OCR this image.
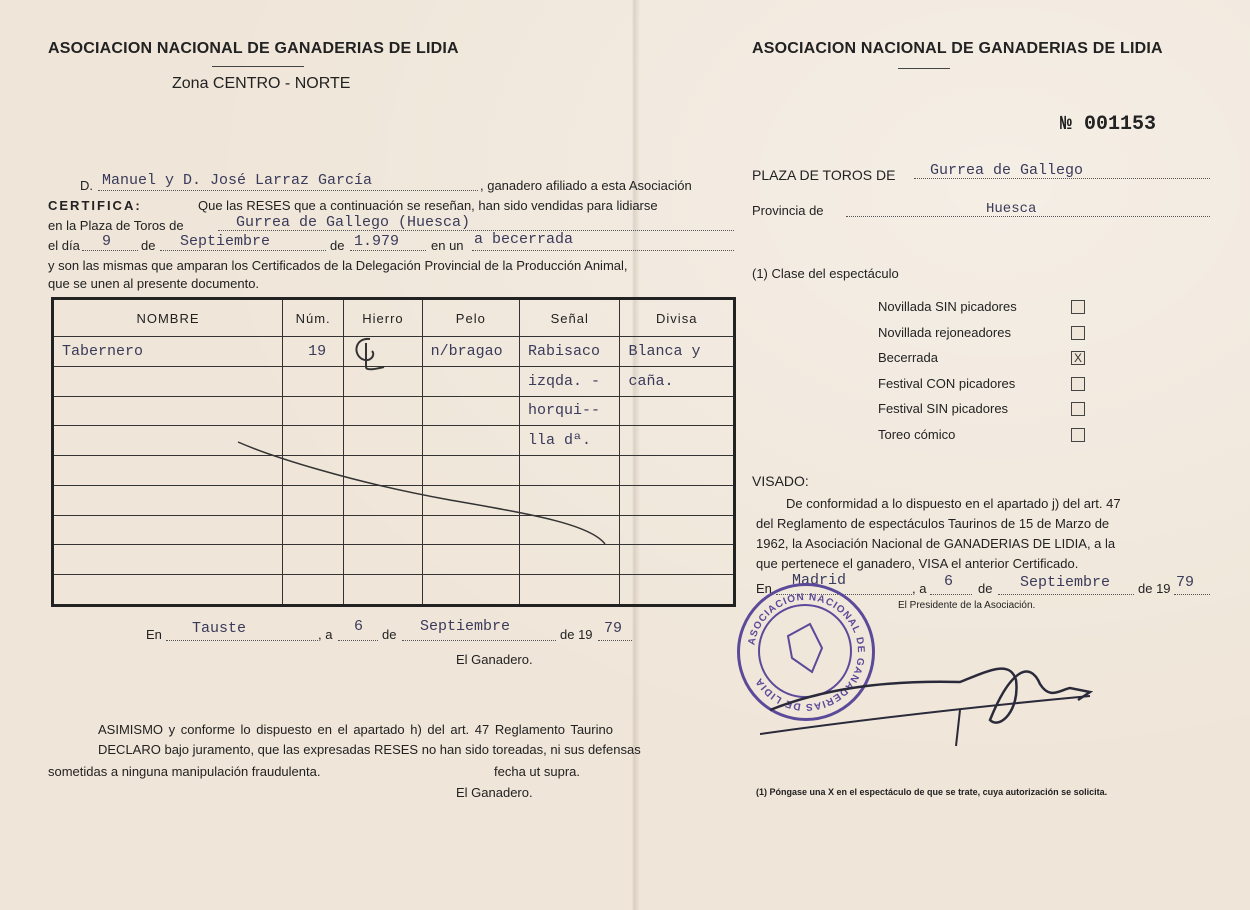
ASOCIACION NACIONAL DE GANADERIAS DE LIDIA
Zona CENTRO - NORTE
D. Manuel y D. José Larraz García	, ganadero afiliado a esta Asociación
CERTIFICA:	Que las RESES que a continuación se reseñan, han sido vendidas para lidiarse
en la Plaza de Toros de	Gurrea de Gallego (Huesca)
el día 9 de Septiembre	de 1.979 en un a becerrada
y son las mismas que amparan los Certificados de la Delegación Provincial de la Producción Animal,
que se unen al presente documento.
NOMBRE	Núm.	Hierro	Pelo	Señal	Divisa
Tabernero	19		n/bragao	Rabisaco	Blanca y
				izqda. -	caña.
				horqui--	
				lla dª.	

En Tauste	, a 6 de Septiembre	de 19 79
El Ganadero.
ASIMISMO y conforme lo dispuesto en el apartado h) del art. 47 Reglamento Taurino
DECLARO bajo juramento, que las expresadas RESES no han sido toreadas, ni sus defensas
sometidas a ninguna manipulación fraudulenta.	fecha ut supra.
El Ganadero.
ASOCIACION NACIONAL DE GANADERIAS DE LIDIA
№ 001153
PLAZA DE TOROS DE Gurrea de Gallego
Provincia de	Huesca
(1) Clase del espectáculo
Novillada SIN picadores
Novillada rejoneadores
Becerrada	X
Festival CON picadores
Festival SIN picadores
Toreo cómico
VISADO:
De conformidad a lo dispuesto en el apartado j) del art. 47
del Reglamento de espectáculos Taurinos de 15 de Marzo de
1962, la Asociación Nacional de GANADERIAS DE LIDIA, a la
que pertenece el ganadero, VISA el anterior Certificado.
En Madrid	, a 6 de Septiembre de 19 79
El Presidente de la Asociación.
ASOCIACION NACIONAL DE GANADERIAS DE LIDIA
(1) Póngase una X en el espectáculo de que se trate, cuya autorización se solicita.
